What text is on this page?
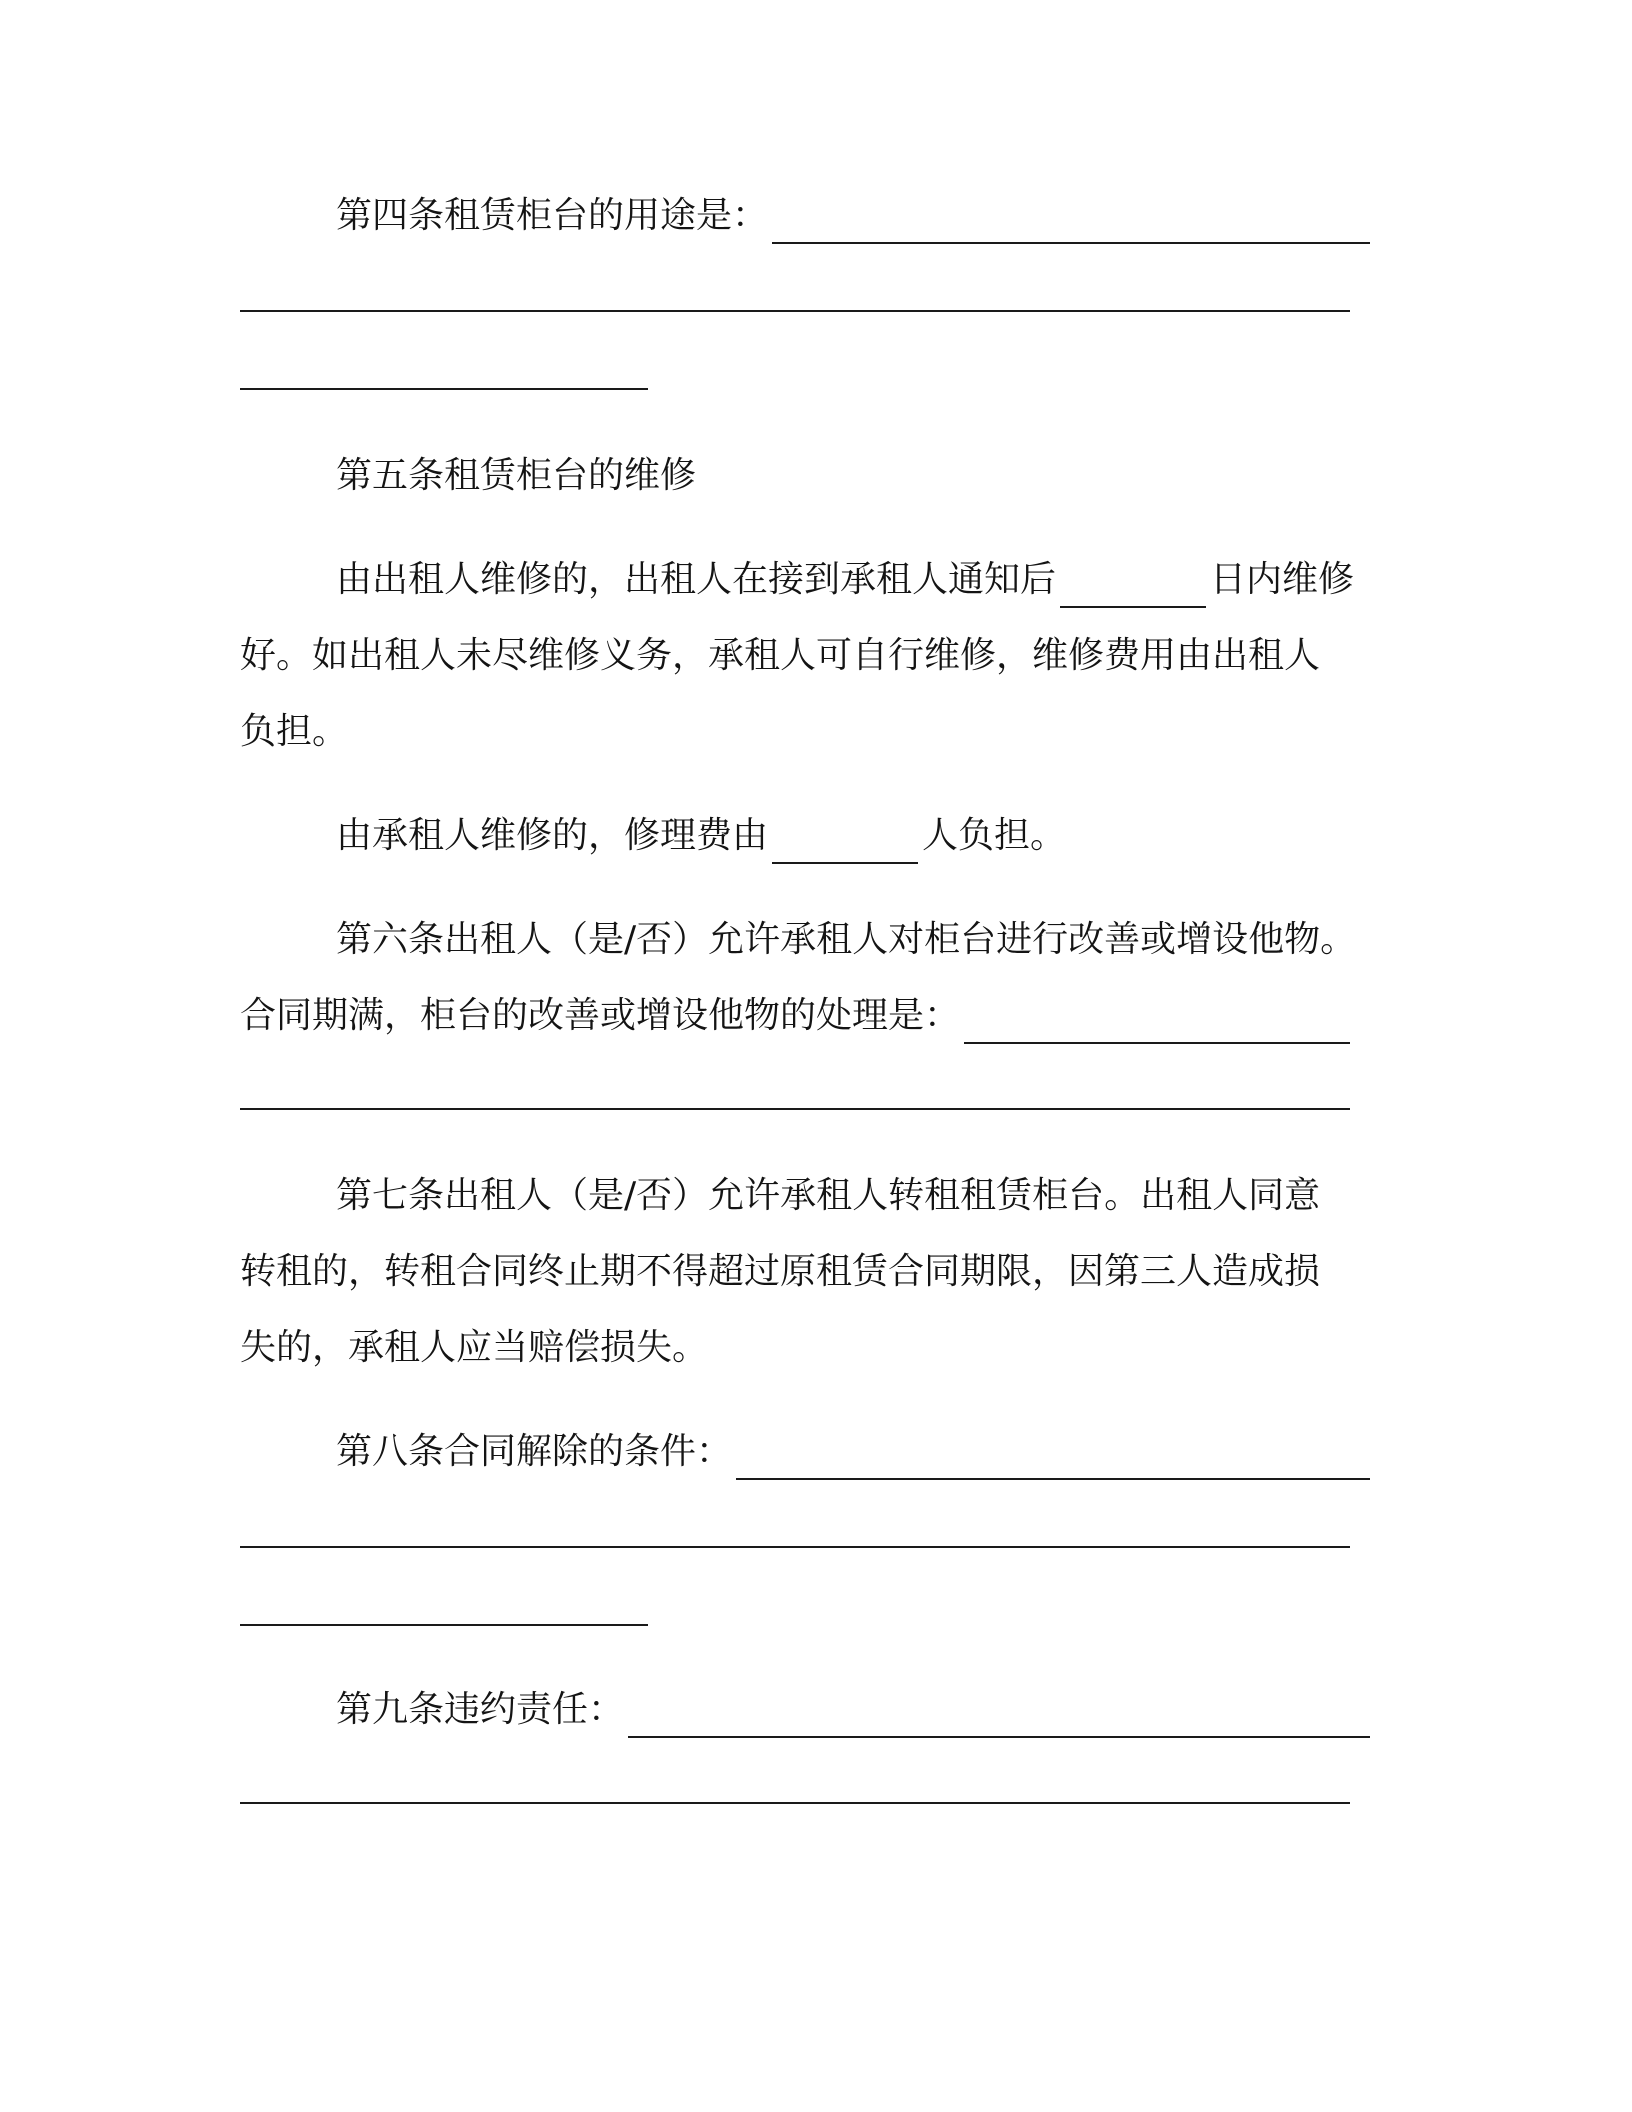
第四条租赁柜台的用途是：
第五条租赁柜台的维修
由出租人维修的，出租人在接到承租人通知后	日内维修
好。如出租人未尽维修义务，承租人可自行维修，维修费用由出租人
负担。
由承租人维修的，修理费由	人负担。
第六条出租人（是/否）允许承租人对柜台进行改善或增设他物。
合同期满，柜台的改善或增设他物的处理是：
第七条出租人（是/否）允许承租人转租租赁柜台。出租人同意
转租的，转租合同终止期不得超过原租赁合同期限，因第三人造成损
失的，承租人应当赔偿损失。
第八条合同解除的条件：
第九条违约责任：
